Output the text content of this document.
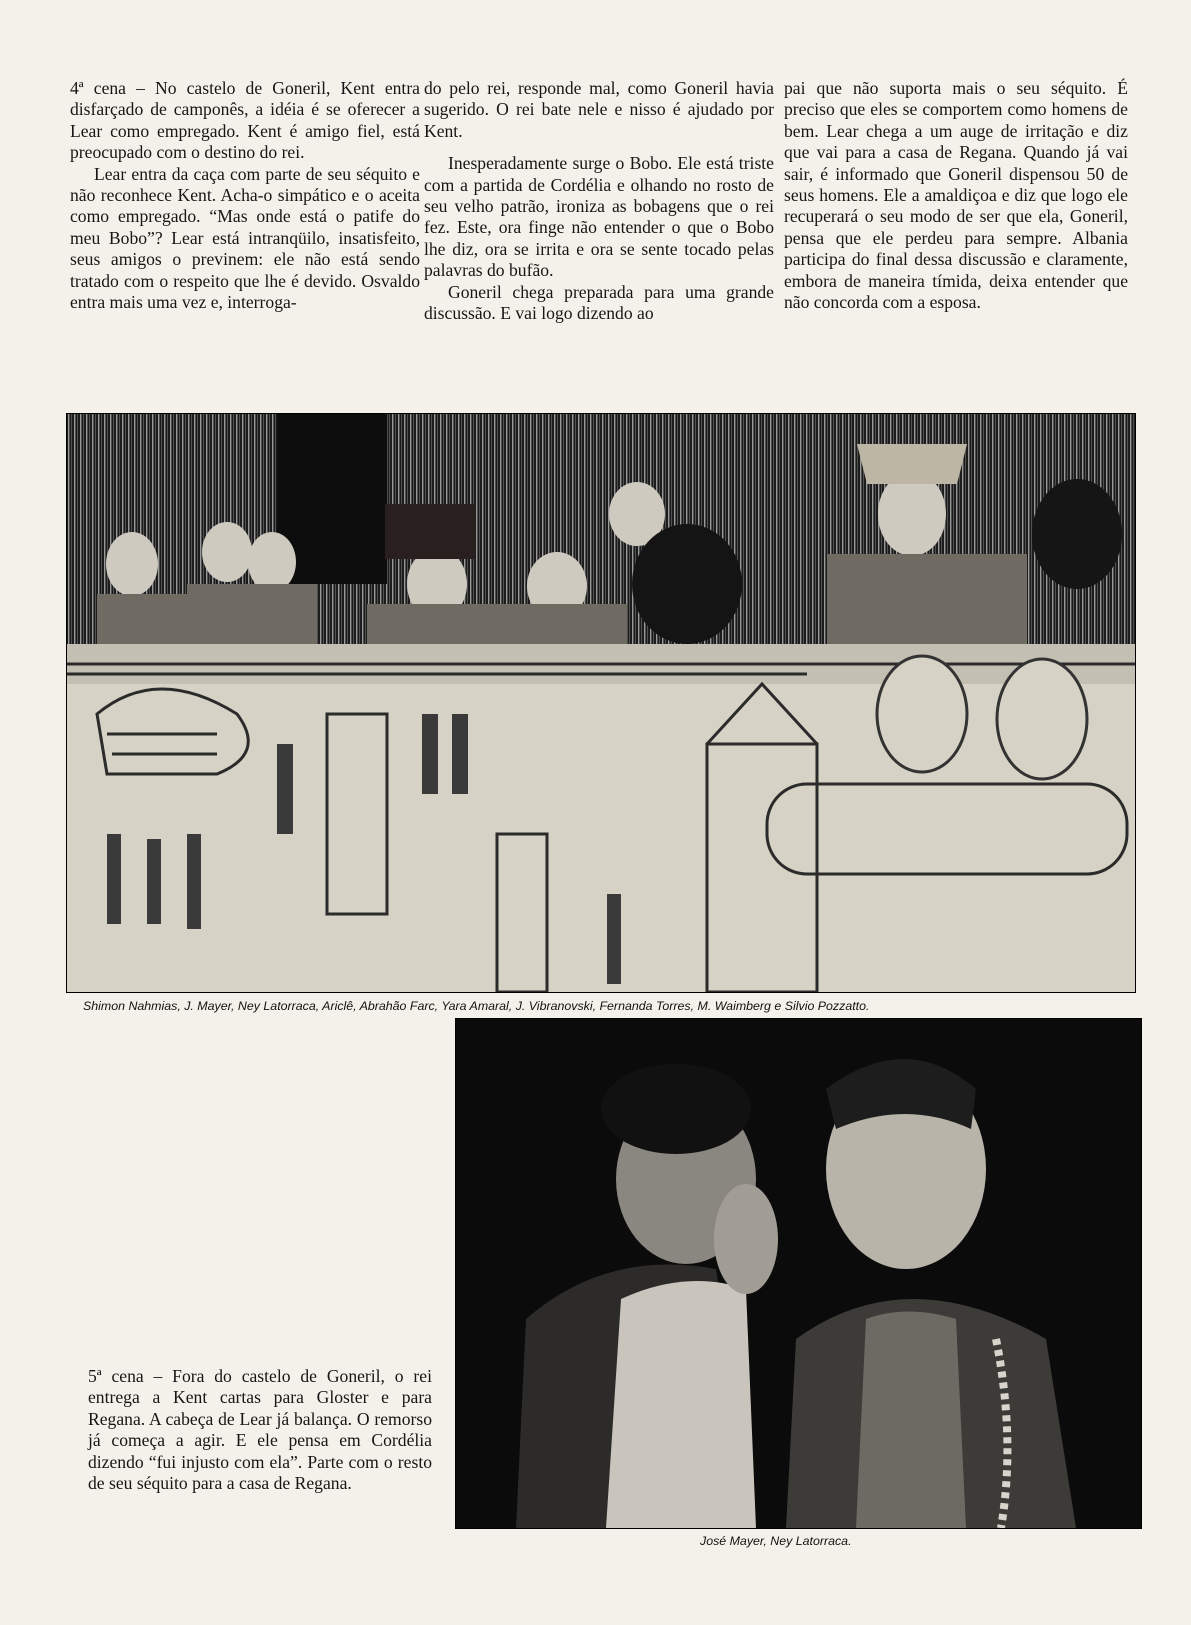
4ª cena – No castelo de Goneril, Kent entra disfarçado de camponês, a idéia é se oferecer a Lear como empregado. Kent é amigo fiel, está preocupado com o destino do rei.

Lear entra da caça com parte de seu séquito e não reconhece Kent. Acha-o simpático e o aceita como empregado. “Mas onde está o patife do meu Bobo”? Lear está intranqüilo, insatisfeito, seus amigos o previnem: ele não está sendo tratado com o respeito que lhe é devido. Osvaldo entra mais uma vez e, interroga-

do pelo rei, responde mal, como Goneril havia sugerido. O rei bate nele e nisso é ajudado por Kent.

Inesperadamente surge o Bobo. Ele está triste com a partida de Cordélia e olhando no rosto de seu velho patrão, ironiza as bobagens que o rei fez. Este, ora finge não entender o que o Bobo lhe diz, ora se irrita e ora se sente tocado pelas palavras do bufão.

Goneril chega preparada para uma grande discussão. E vai logo dizendo ao

pai que não suporta mais o seu séquito. É preciso que eles se comportem como homens de bem. Lear chega a um auge de irritação e diz que vai para a casa de Regana. Quando já vai sair, é informado que Goneril dispensou 50 de seus homens. Ele a amaldiçoa e diz que logo ele recuperará o seu modo de ser que ela, Goneril, pensa que ele perdeu para sempre. Albania participa do final dessa discussão e claramente, embora de maneira tímida, deixa entender que não concorda com a esposa.

Shimon Nahmias, J. Mayer, Ney Latorraca, Ariclê, Abrahão Farc, Yara Amaral, J. Vibranovski, Fernanda Torres, M. Waimberg e Silvio Pozzatto.

5ª cena – Fora do castelo de Goneril, o rei entrega a Kent cartas para Gloster e para Regana. A cabeça de Lear já balança. O remorso já começa a agir. E ele pensa em Cordélia dizendo “fui injusto com ela”. Parte com o resto de seu séquito para a casa de Regana.

José Mayer, Ney Latorraca.
